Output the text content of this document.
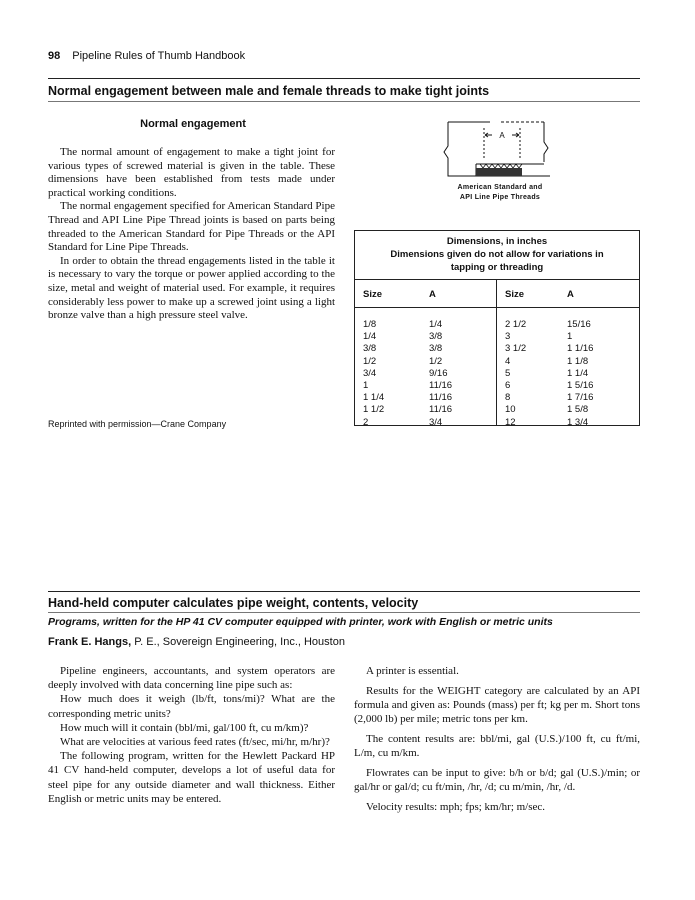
98 Pipeline Rules of Thumb Handbook
Normal engagement between male and female threads to make tight joints
Normal engagement

The normal amount of engagement to make a tight joint for various types of screwed material is given in the table. These dimensions have been established from tests made under practical working conditions.

The normal engagement specified for American Standard Pipe Thread and API Line Pipe Thread joints is based on parts being threaded to the American Standard for Pipe Threads or the API Standard for Line Pipe Threads.

In order to obtain the thread engagements listed in the table it is necessary to vary the torque or power applied according to the size, metal and weight of material used. For example, it requires considerably less power to make up a screwed joint using a light bronze valve than a high pressure steel valve.

Reprinted with permission—Crane Company
A
American Standard and
API Line Pipe Threads
Dimensions, in inches
Dimensions given do not allow for variations in
tapping or threading
Size	A	Size	A
1/8	1/4	2 1/2	15/16
1/4	3/8	3	1
3/8	3/8	3 1/2	1 1/16
1/2	1/2	4	1 1/8
3/4	9/16	5	1 1/4
1	11/16	6	1 5/16
1 1/4	11/16	8	1 7/16
1 1/2	11/16	10	1 5/8
2	3/4	12	1 3/4
Hand-held computer calculates pipe weight, contents, velocity
Programs, written for the HP 41 CV computer equipped with printer, work with English or metric units
Frank E. Hangs, P. E., Sovereign Engineering, Inc., Houston

Pipeline engineers, accountants, and system operators are deeply involved with data concerning line pipe such as:

How much does it weigh (lb/ft, tons/mi)? What are the corresponding metric units?

How much will it contain (bbl/mi, gal/100 ft, cu m/km)?

What are velocities at various feed rates (ft/sec, mi/hr, m/hr)?

The following program, written for the Hewlett Packard HP 41 CV hand-held computer, develops a lot of useful data for steel pipe for any outside diameter and wall thickness. Either English or metric units may be entered.

A printer is essential.

Results for the WEIGHT category are calculated by an API formula and given as: Pounds (mass) per ft; kg per m. Short tons (2,000 lb) per mile; metric tons per km.

The content results are: bbl/mi, gal (U.S.)/100 ft, cu ft/mi, L/m, cu m/km.

Flowrates can be input to give: b/h or b/d; gal (U.S.)/min; or gal/hr or gal/d; cu ft/min, /hr, /d; cu m/min, /hr, /d.

Velocity results: mph; fps; km/hr; m/sec.
